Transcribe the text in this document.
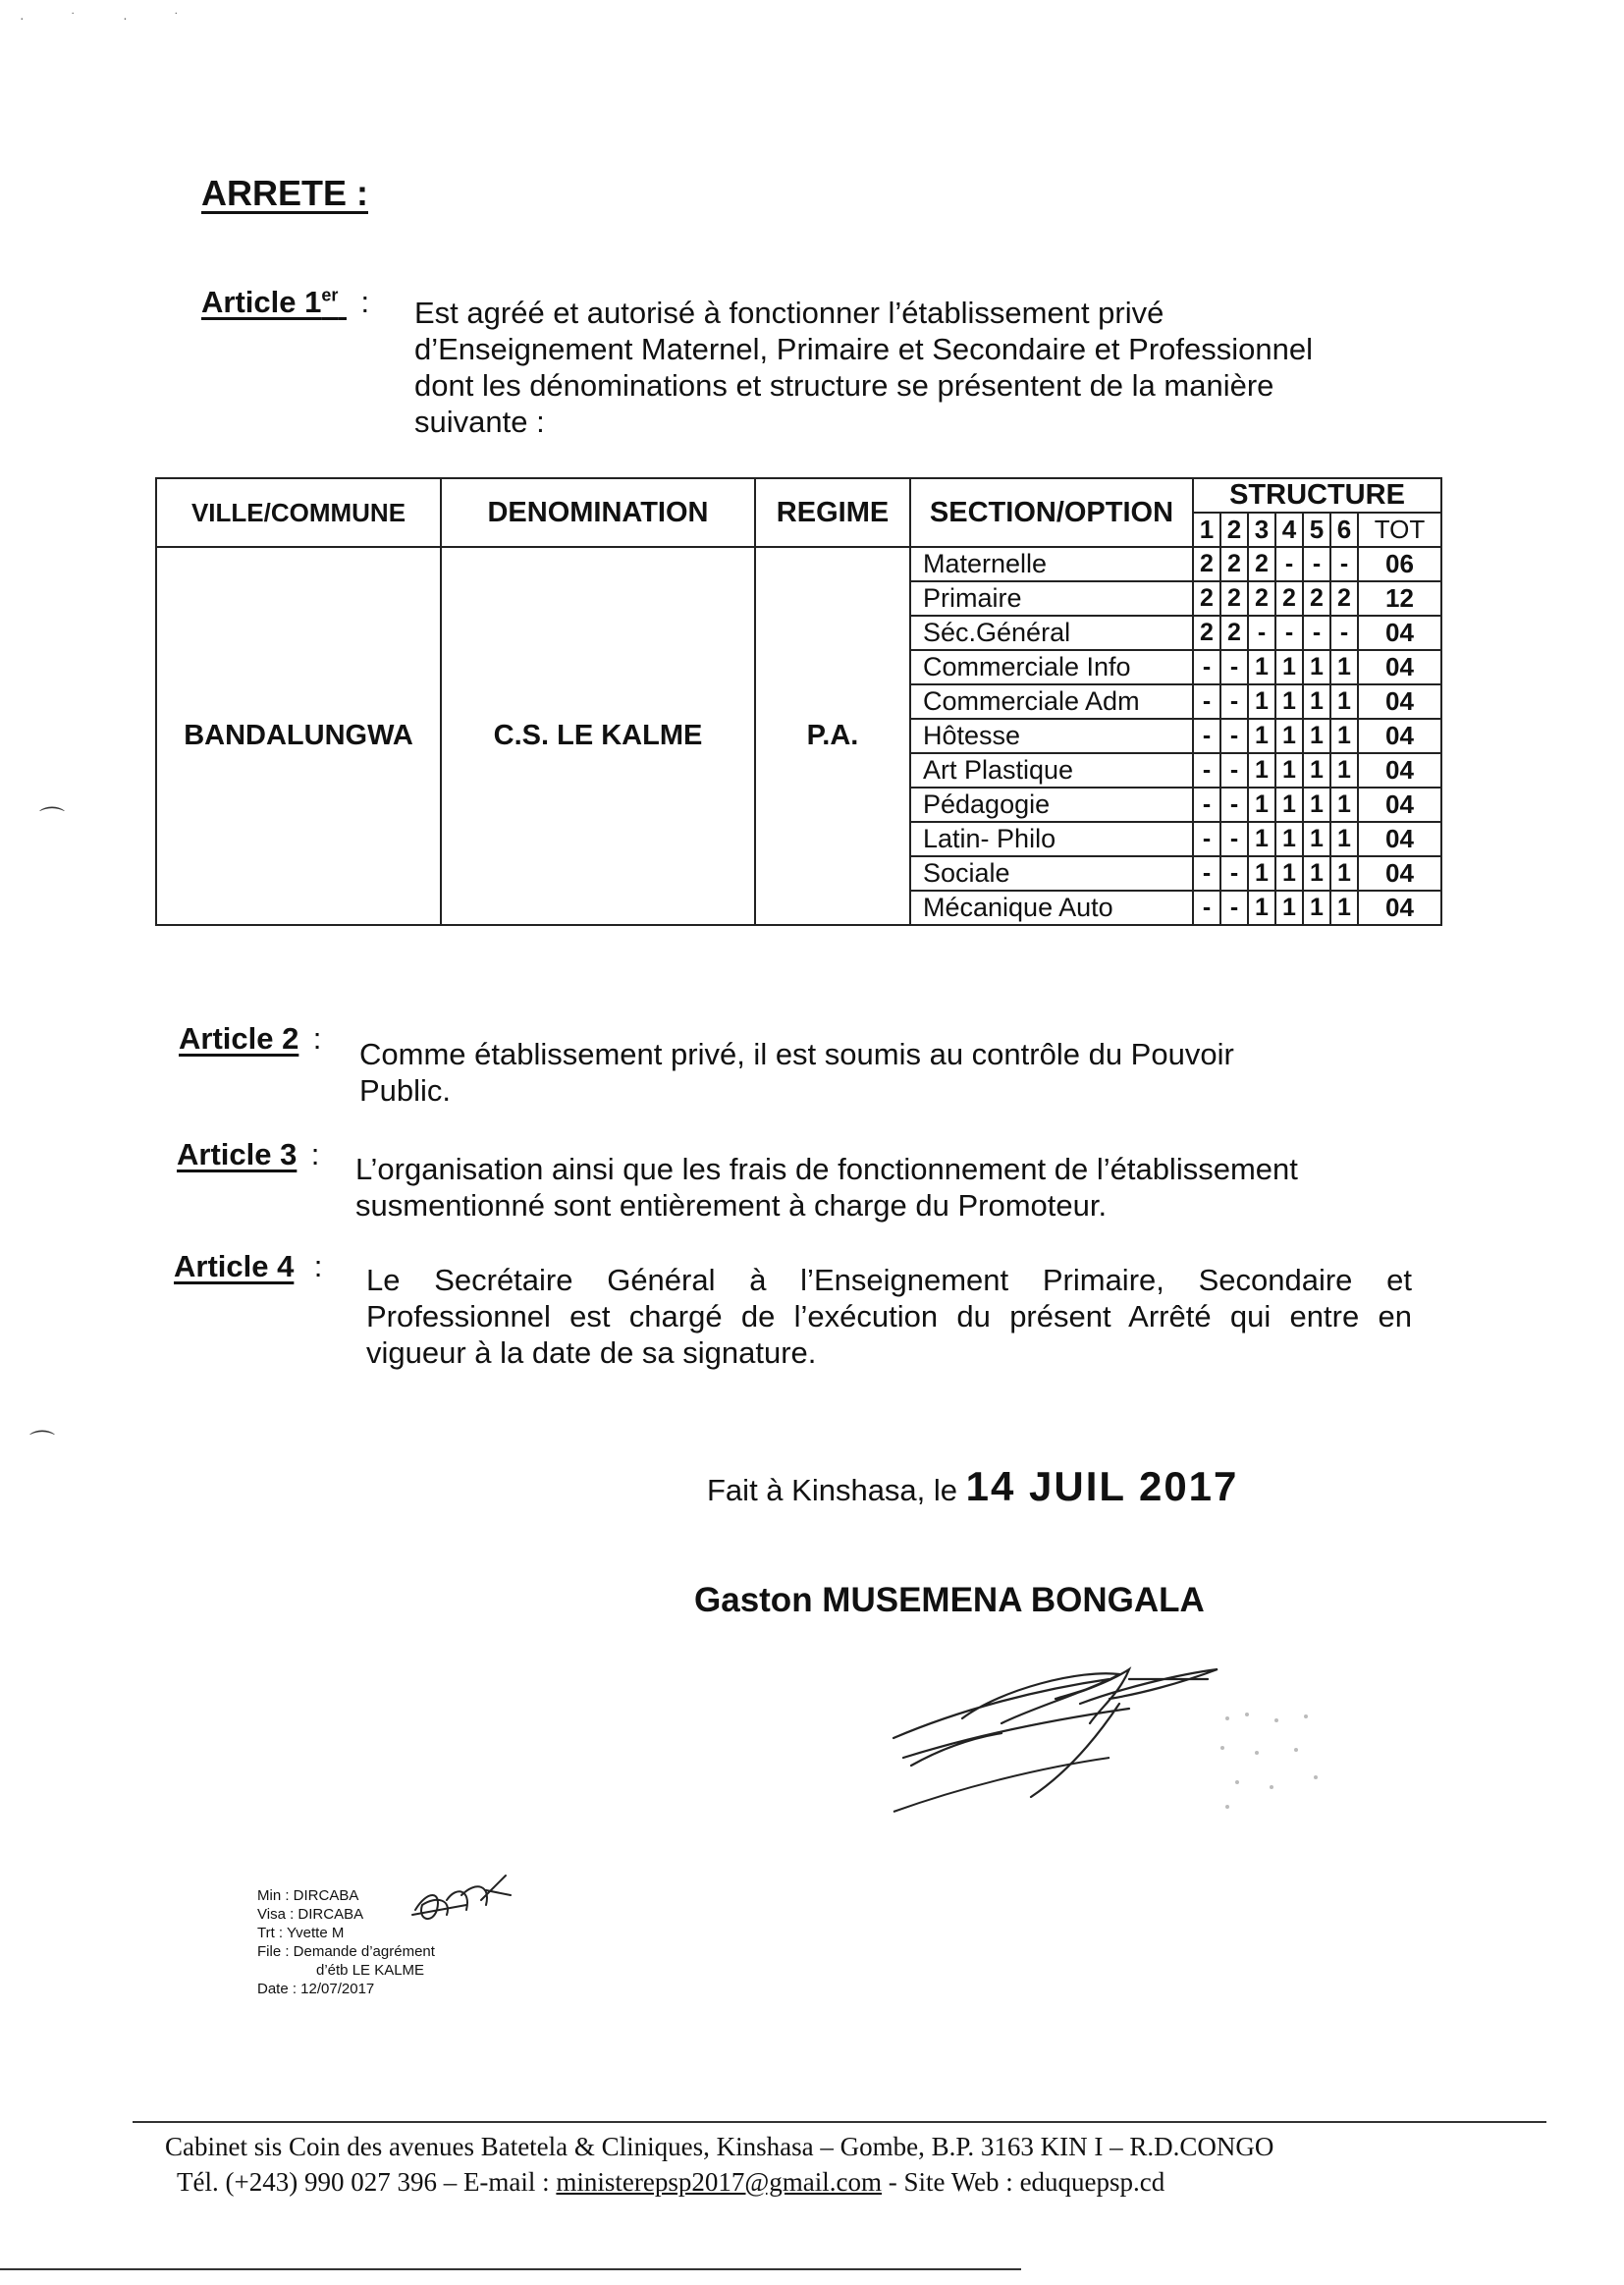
· ˙ · ˙
ARRETE :
Article 1er : Est agréé et autorisé à fonctionner l’établissement privé
d’Enseignement Maternel, Primaire et Secondaire et Professionnel
dont les dénominations et structure se présentent de la manière
suivante :
VILLE/COMMUNE	DENOMINATION	REGIME	SECTION/OPTION	STRUCTURE						
				1	2	3	4	5	6	TOT
BANDALUNGWA	C.S. LE KALME	P.A.	Maternelle	2	2	2	-	-	-	06
			Primaire	2	2	2	2	2	2	12
			Séc.Général	2	2	-	-	-	-	04
			Commerciale Info	-	-	1	1	1	1	04
			Commerciale Adm	-	-	1	1	1	1	04
			Hôtesse	-	-	1	1	1	1	04
			Art Plastique	-	-	1	1	1	1	04
			Pédagogie	-	-	1	1	1	1	04
			Latin- Philo	-	-	1	1	1	1	04
			Sociale	-	-	1	1	1	1	04
			Mécanique Auto	-	-	1	1	1	1	04
Article 2 : Comme établissement privé, il est soumis au contrôle du Pouvoir
Public.
Article 3 : L’organisation ainsi que les frais de fonctionnement de l’établissement
susmentionné sont entièrement à charge du Promoteur.
Article 4 : Le Secrétaire Général à l’Enseignement Primaire, Secondaire et
Professionnel est chargé de l’exécution du présent Arrêté qui entre en
vigueur à la date de sa signature.
Fait à Kinshasa, le 14 JUIL 2017
Gaston MUSEMENA BONGALA
⌒
⌒
Min : DIRCABA
Visa : DIRCABA
Trt : Yvette M
File : Demande d’agrément
d’étb LE KALME
Date : 12/07/2017
Cabinet sis Coin des avenues Batetela & Cliniques, Kinshasa – Gombe, B.P. 3163 KIN I – R.D.CONGO
Tél. (+243) 990 027 396 – E-mail : ministerepsp2017@gmail.com - Site Web : eduquepsp.cd
